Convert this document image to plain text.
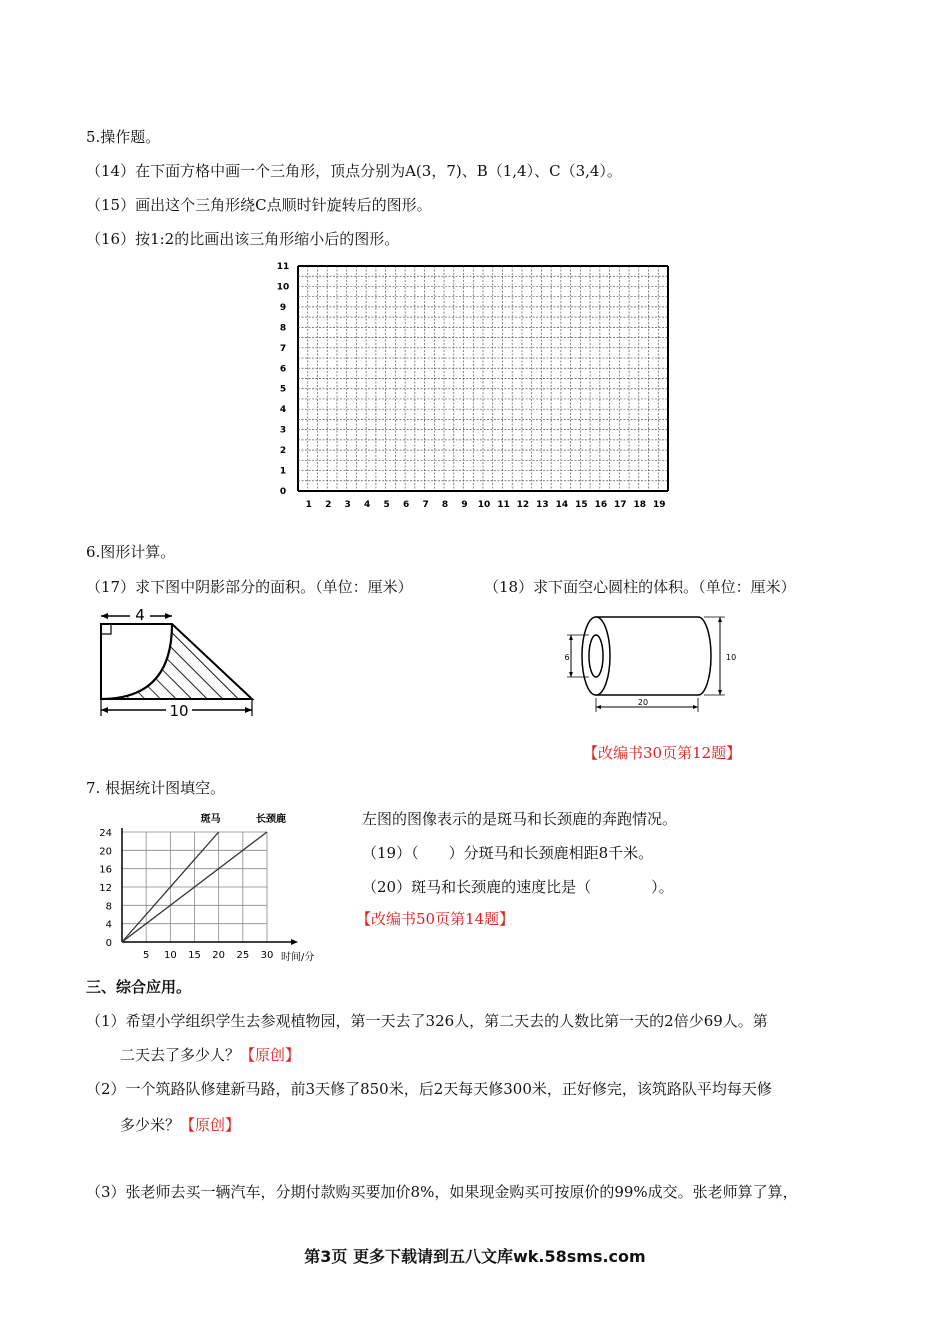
5.操作题。
（14）在下面方格中画一个三角形，顶点分别为A(3，7)、B（1,4）、C（3,4）。
（15）画出这个三角形绕C点顺时针旋转后的图形。
（16）按1:2的比画出该三角形缩小后的图形。
0
1
2
3
4
5
6
7
8
9
10
11
1 2 3 4 5 6 7 8 9 10 11 12 13 14 15 16 17 18 19
6.图形计算。
（17）求下图中阴影部分的面积。（单位：厘米）	（18）求下面空心圆柱的体积。（单位：厘米）
4
10
6	10
20
【改编书30页第12题】
7. 根据统计图填空。
5 10 15 20 25 30
0
4
8
12
16
20
24
斑马	长颈鹿
时间/分
左图的图像表示的是斑马和长颈鹿的奔跑情况。
（19）（　　）分斑马和长颈鹿相距8千米。
（20）斑马和长颈鹿的速度比是（　　　　）。
【改编书50页第14题】
三、综合应用。
（1）希望小学组织学生去参观植物园，第一天去了326人，第二天去的人数比第一天的2倍少69人。第
二天去了多少人？【原创】
（2）一个筑路队修建新马路，前3天修了850米，后2天每天修300米，正好修完，该筑路队平均每天修
多少米？【原创】
（3）张老师去买一辆汽车，分期付款购买要加价8%，如果现金购买可按原价的99%成交。张老师算了算，
第3页 更多下载请到五八文库wk.58sms.com
